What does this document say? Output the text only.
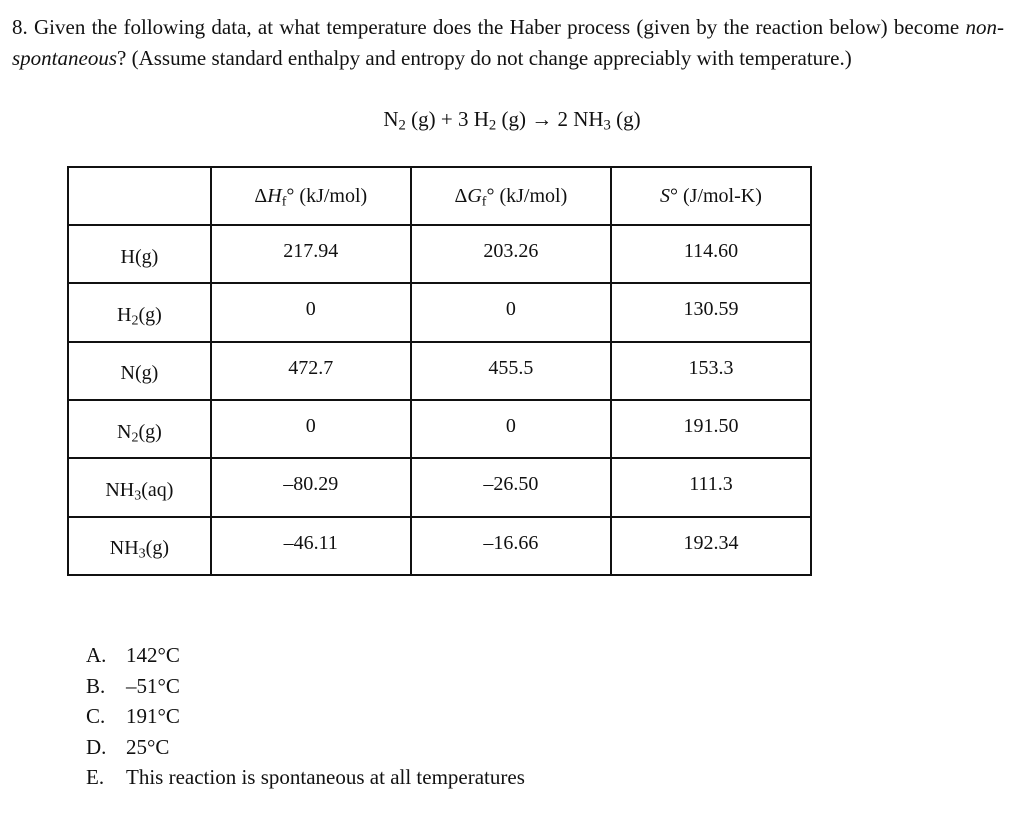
8. Given the following data, at what temperature does the Haber process (given by the reaction below) become non-spontaneous? (Assume standard enthalpy and entropy do not change appreciably with temperature.)
$N_2$ (g) + 3 $H_2$ (g) → 2 $NH_3$ (g)
	$\Delta H_f^\circ$ (kJ/mol)	$\Delta G_f^\circ$ (kJ/mol)	S° (J/mol-K)
H(g)	217.94	203.26	114.60
$H_2(g)$	0	0	130.59
N(g)	472.7	455.5	153.3
$N_2(g)$	0	0	191.50
$NH_3(aq)$	–80.29	–26.50	111.3
$NH_3(g)$	–46.11	–16.66	192.34
A. 142°C
B. –51°C
C. 191°C
D. 25°C
E. This reaction is spontaneous at all temperatures
